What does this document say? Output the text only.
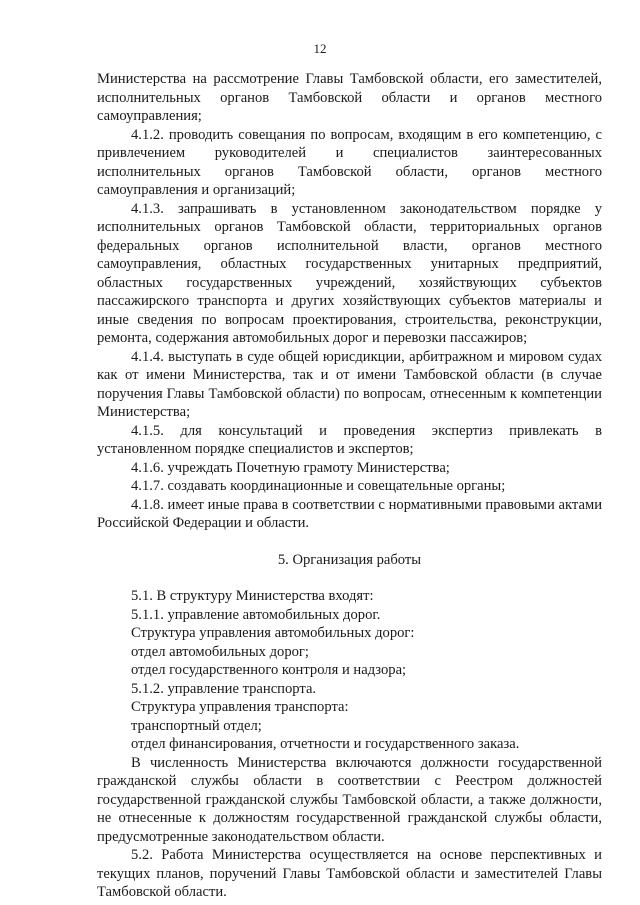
12

Министерства на рассмотрение Главы Тамбовской области, его заместителей, исполнительных органов Тамбовской области и органов местного самоуправления;

4.1.2. проводить совещания по вопросам, входящим в его компетенцию, с привлечением руководителей и специалистов заинтересованных исполнительных органов Тамбовской области, органов местного самоуправления и организаций;

4.1.3. запрашивать в установленном законодательством порядке у исполнительных органов Тамбовской области, территориальных органов федеральных органов исполнительной власти, органов местного самоуправления, областных государственных унитарных предприятий, областных государственных учреждений, хозяйствующих субъектов пассажирского транспорта и других хозяйствующих субъектов материалы и иные сведения по вопросам проектирования, строительства, реконструкции, ремонта, содержания автомобильных дорог и перевозки пассажиров;

4.1.4. выступать в суде общей юрисдикции, арбитражном и мировом судах как от имени Министерства, так и от имени Тамбовской области (в случае поручения Главы Тамбовской области) по вопросам, отнесенным к компетенции Министерства;

4.1.5. для консультаций и проведения экспертиз привлекать в установленном порядке специалистов и экспертов;

4.1.6. учреждать Почетную грамоту Министерства;

4.1.7. создавать координационные и совещательные органы;

4.1.8. имеет иные права в соответствии с нормативными правовыми актами Российской Федерации и области.

5. Организация работы

5.1. В структуру Министерства входят:

5.1.1. управление автомобильных дорог.

Структура управления автомобильных дорог:

отдел автомобильных дорог;

отдел государственного контроля и надзора;

5.1.2. управление транспорта.

Структура управления транспорта:

транспортный отдел;

отдел финансирования, отчетности и государственного заказа.

В численность Министерства включаются должности государственной гражданской службы области в соответствии с Реестром должностей государственной гражданской службы Тамбовской области, а также должности, не отнесенные к должностям государственной гражданской службы области, предусмотренные законодательством области.

5.2. Работа Министерства осуществляется на основе перспективных и текущих планов, поручений Главы Тамбовской области и заместителей Главы Тамбовской области.
